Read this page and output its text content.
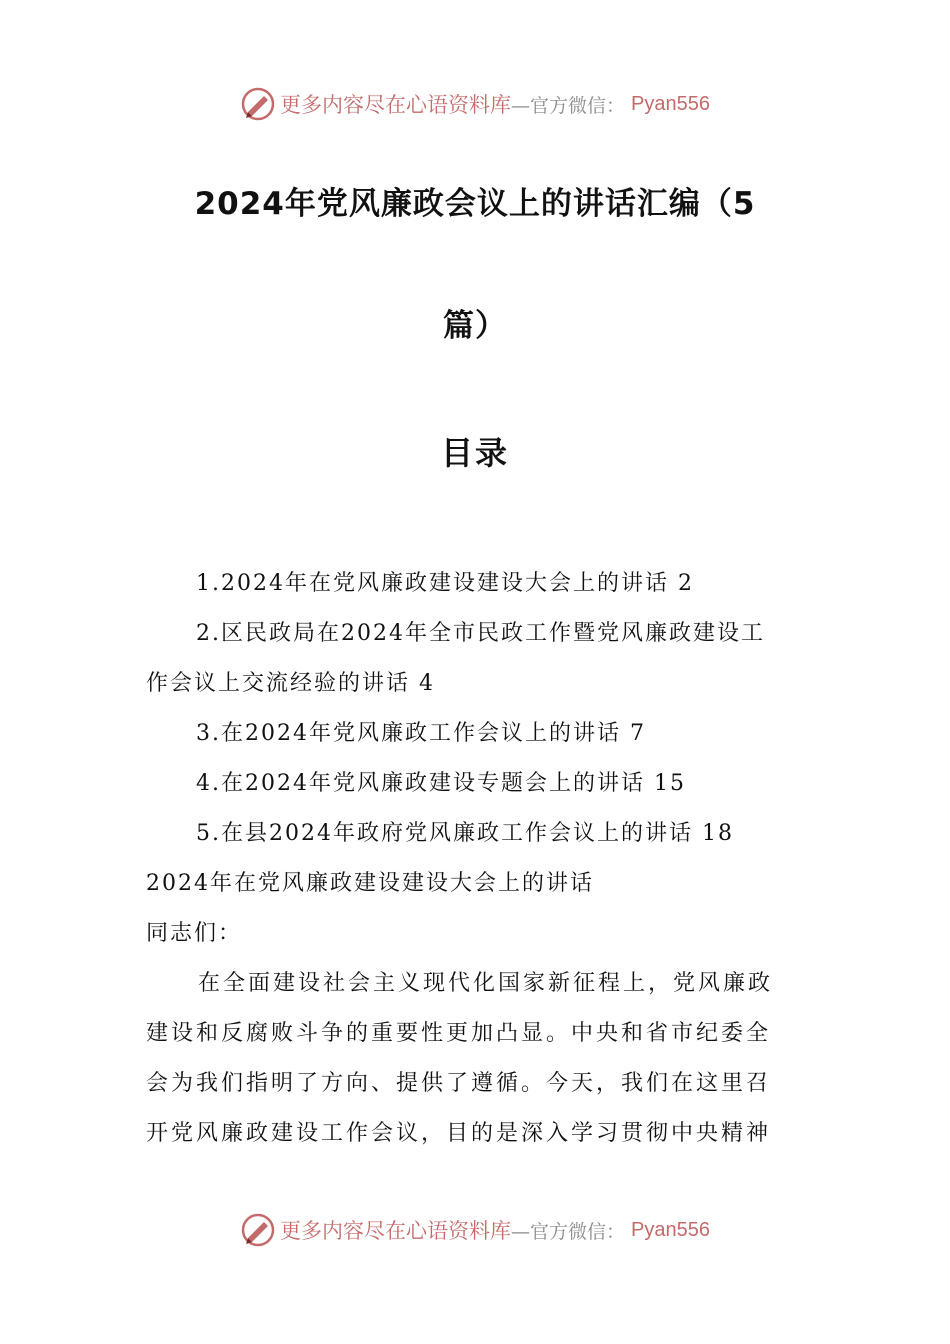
更多内容尽在心语资料库 —官方微信： Pyan556
2024年党风廉政会议上的讲话汇编（5
篇）
目录
1.2024年在党风廉政建设建设大会上的讲话 2
2.区民政局在2024年全市民政工作暨党风廉政建设工
作会议上交流经验的讲话 4
3.在2024年党风廉政工作会议上的讲话 7
4.在2024年党风廉政建设专题会上的讲话 15
5.在县2024年政府党风廉政工作会议上的讲话 18
2024年在党风廉政建设建设大会上的讲话
同志们：
在全面建设社会主义现代化国家新征程上，党风廉政
建设和反腐败斗争的重要性更加凸显。中央和省市纪委全
会为我们指明了方向、提供了遵循。今天，我们在这里召
开党风廉政建设工作会议，目的是深入学习贯彻中央精神
更多内容尽在心语资料库 —官方微信： Pyan556
